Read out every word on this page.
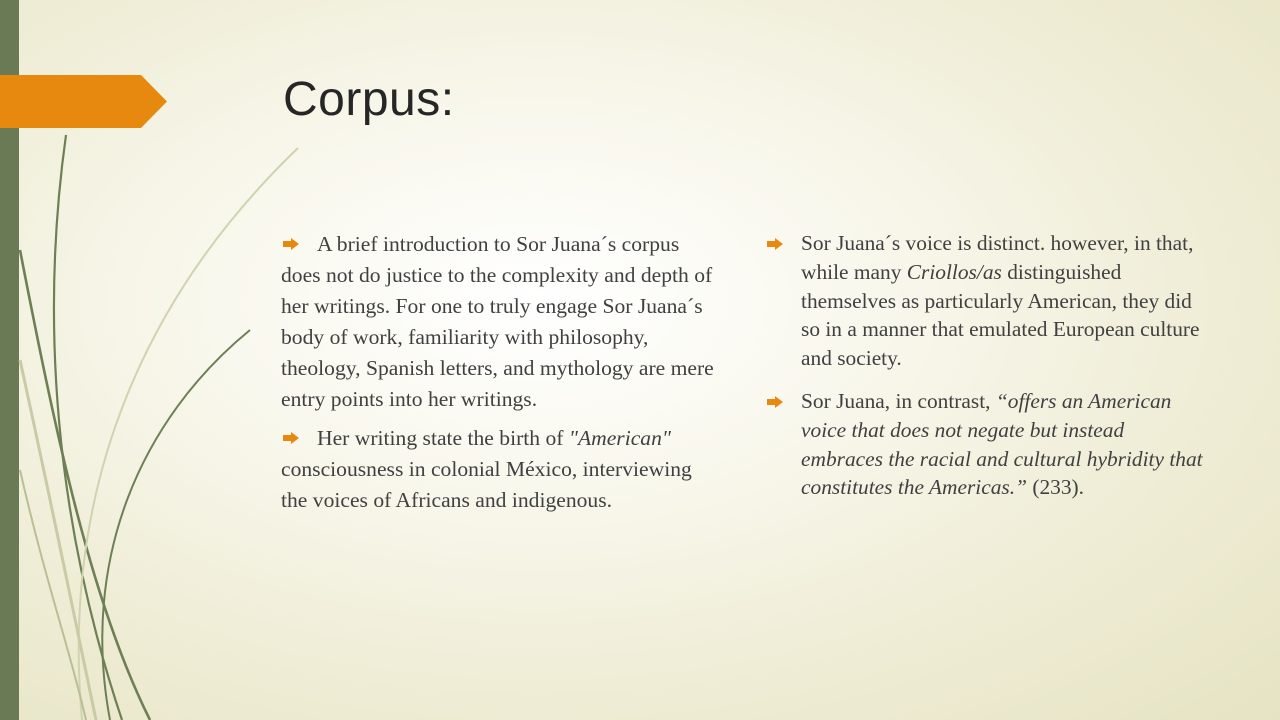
Corpus:

A brief introduction to Sor Juana´s corpus does not do justice to the complexity and depth of her writings. For one to truly engage Sor Juana´s body of work, familiarity with philosophy, theology, Spanish letters, and mythology are mere entry points into her writings.

Her writing state the birth of "American" consciousness in colonial México, interviewing the voices of Africans and indigenous.

Sor Juana´s voice is distinct. however, in that, while many Criollos/as distinguished themselves as particularly American, they did so in a manner that emulated European culture and society.

Sor Juana, in contrast, “offers an American voice that does not negate but instead embraces the racial and cultural hybridity that constitutes the Americas.” (233).
